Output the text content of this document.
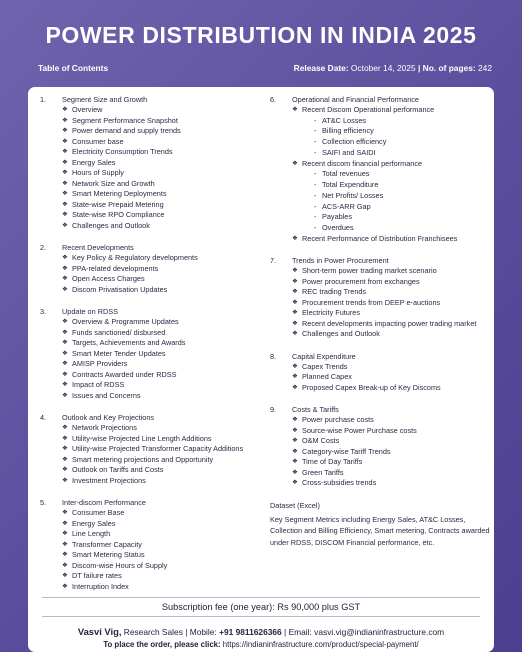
POWER DISTRIBUTION IN INDIA 2025
Table of Contents	Release Date: October 14, 2025 | No. of pages: 242
1. Segment Size and Growth
❖ Overview
❖ Segment Performance Snapshot
❖ Power demand and supply trends
❖ Consumer base
❖ Electricity Consumption Trends
❖ Energy Sales
❖ Hours of Supply
❖ Network Size and Growth
❖ Smart Metering Deployments
❖ State-wise Prepaid Metering
❖ State-wise RPO Compliance
❖ Challenges and Outlook
2. Recent Developments
❖ Key Policy & Regulatory developments
❖ PPA-related developments
❖ Open Access Charges
❖ Discom Privatisation Updates
3. Update on RDSS
❖ Overview & Programme Updates
❖ Funds sanctioned/ disbursed
❖ Targets, Achievements and Awards
❖ Smart Meter Tender Updates
❖ AMISP Providers
❖ Contracts Awarded under RDSS
❖ Impact of RDSS
❖ Issues and Concerns
4. Outlook and Key Projections
❖ Network Projections
❖ Utility-wise Projected Line Length Additions
❖ Utility-wise Projected Transformer Capacity Additions
❖ Smart metering projections and Opportunity
❖ Outlook on Tariffs and Costs
❖ Investment Projections
5. Inter-discom Performance
❖ Consumer Base
❖ Energy Sales
❖ Line Length
❖ Transformer Capacity
❖ Smart Metering Status
❖ Discom-wise Hours of Supply
❖ DT failure rates
❖ Interruption Index
6. Operational and Financial Performance
❖ Recent Discom Operational performance
- AT&C Losses
- Billing efficiency
- Collection efficiency
- SAIFI and SAIDI
❖ Recent discom financial performance
- Total revenues
- Total Expenditure
- Net Profits/ Losses
- ACS-ARR Gap
- Payables
- Overdues
❖ Recent Performance of Distribution Franchisees
7. Trends in Power Procurement
❖ Short-term power trading market scenario
❖ Power procurement from exchanges
❖ REC trading Trends
❖ Procurement trends from DEEP e-auctions
❖ Electricity Futures
❖ Recent developments impacting power trading market
❖ Challenges and Outlook
8. Capital Expenditure
❖ Capex Trends
❖ Planned Capex
❖ Proposed Capex Break-up of Key Discoms
9. Costs & Tariffs
❖ Power purchase costs
❖ Source-wise Power Purchase costs
❖ O&M Costs
❖ Category-wise Tariff Trends
❖ Time of Day Tariffs
❖ Green Tariffs
❖ Cross-subsidies trends
Dataset (Excel)
Key Segment Metrics including Energy Sales, AT&C Losses, Collection and Billing Efficiency, Smart metering, Contracts awarded under RDSS, DISCOM Financial performance, etc.
Subscription fee (one year): Rs 90,000 plus GST
Vasvi Vig, Research Sales | Mobile: +91 9811626366 | Email: vasvi.vig@indianinfrastructure.com
To place the order, please click: https://indianinfrastructure.com/product/special-payment/
